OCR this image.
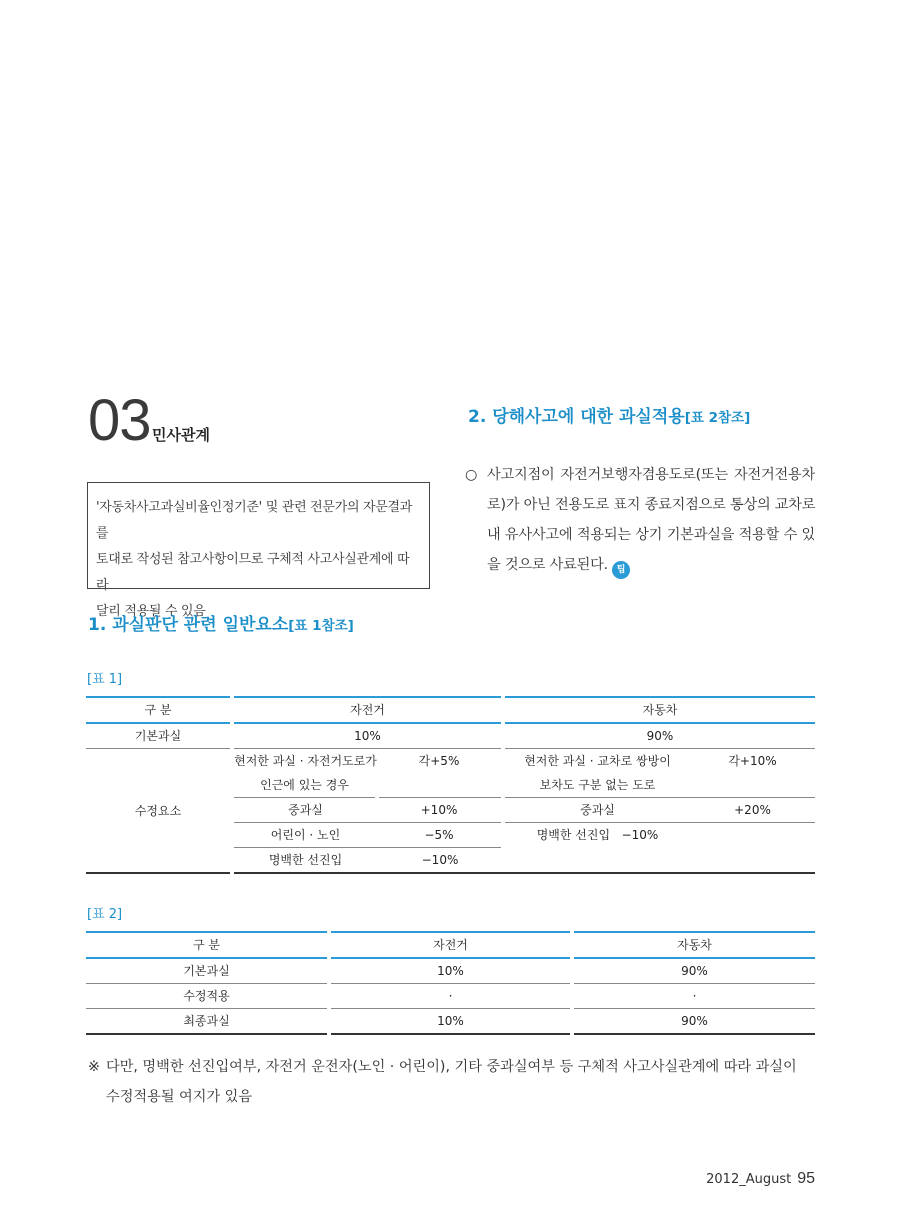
03 민사관계
'자동차사고과실비율인정기준' 및 관련 전문가의 자문결과를
토대로 작성된 참고사항이므로 구체적 사고사실관계에 따라
달리 적용될 수 있음
1. 과실판단 관련 일반요소[표 1참조]
2. 당해사고에 대한 과실적용[표 2참조]
○ 사고지점이 자전거보행자겸용도로(또는 자전거전용차
로)가 아닌 전용도로 표지 종료지점으로 통상의 교차로
내 유사사고에 적용되는 상기 기본과실을 적용할 수 있
을 것으로 사료된다. 팁
[표 1]
구 분	자전거		자동차	
기본과실	10%		90%	
수정요소	현저한 과실 · 자전거도로가	각+5%	현저한 과실 · 교차로 쌍방이	각+10%
	인근에 있는 경우		보차도 구분 없는 도로	
	중과실	+10%	중과실	+20%
	어린이 · 노인	−5%	명백한 선진입   −10%	
	명백한 선진입	−10%		
[표 2]
구 분	자전거	자동차
기본과실	10%	90%
수정적용	·	·
최종과실	10%	90%
※ 다만, 명백한 선진입여부, 자전거 운전자(노인 · 어린이), 기타 중과실여부 등 구체적 사고사실관계에 따라 과실이
수정적용될 여지가 있음
2012_August 95
